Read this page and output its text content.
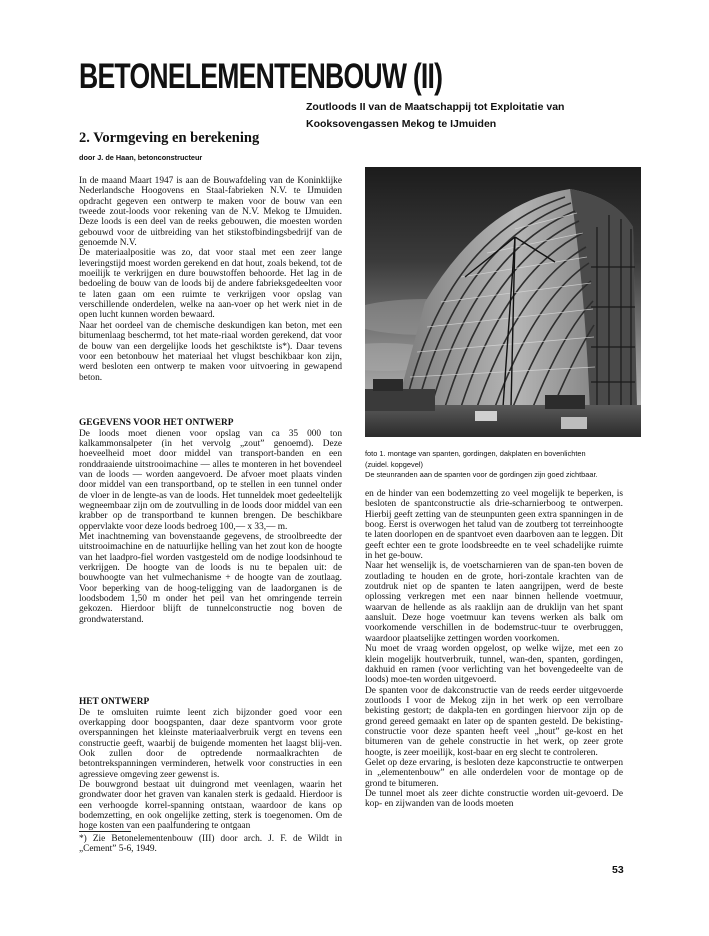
BETONELEMENTENBOUW (II)
Zoutloods II van de Maatschappij tot Exploitatie van
Kooksovengassen Mekog te IJmuiden
2. Vormgeving en berekening
door J. de Haan, betonconstructeur

In de maand Maart 1947 is aan de Bouwafdeling van de Koninklijke Nederlandsche Hoogovens en Staal-fabrieken N.V. te IJmuiden opdracht gegeven een ontwerp te maken voor de bouw van een tweede zout-loods voor rekening van de N.V. Mekog te IJmuiden. Deze loods is een deel van de reeks gebouwen, die moesten worden gebouwd voor de uitbreiding van het stikstofbindingsbedrijf van de genoemde N.V.

De materiaalpositie was zo, dat voor staal met een zeer lange leveringstijd moest worden gerekend en dat hout, zoals bekend, tot de moeilijk te verkrijgen en dure bouwstoffen behoorde. Het lag in de bedoeling de bouw van de loods bij de andere fabrieksgedeelten voor te laten gaan om een ruimte te verkrijgen voor opslag van verschillende onderdelen, welke na aan-voer op het werk niet in de open lucht kunnen worden bewaard.

Naar het oordeel van de chemische deskundigen kan beton, met een bitumenlaag beschermd, tot het mate-riaal worden gerekend, dat voor de bouw van een dergelijke loods het geschiktste is*). Daar tevens voor een betonbouw het materiaal het vlugst beschikbaar kon zijn, werd besloten een ontwerp te maken voor uitvoering in gewapend beton.

GEGEVENS VOOR HET ONTWERP

De loods moet dienen voor opslag van ca 35 000 ton kalkammonsalpeter (in het vervolg „zout” genoemd). Deze hoeveelheid moet door middel van transport-banden en een ronddraaiende uitstrooimachine — alles te monteren in het bovendeel van de loods — worden aangevoerd. De afvoer moet plaats vinden door middel van een transportband, op te stellen in een tunnel onder de vloer in de lengte-as van de loods. Het tunneldek moet gedeeltelijk wegneembaar zijn om de zoutvulling in de loods door middel van een krabber op de transportband te kunnen brengen. De beschikbare oppervlakte voor deze loods bedroeg 100,— x 33,— m.

Met inachtneming van bovenstaande gegevens, de stroolbreedte der uitstrooimachine en de natuurlijke helling van het zout kon de hoogte van het laadpro-fiel worden vastgesteld om de nodige loodsinhoud te verkrijgen. De hoogte van de loods is nu te bepalen uit: de bouwhoogte van het vulmechanisme + de hoogte van de zoutlaag. Voor beperking van de hoog-teligging van de laadorganen is de loodsbodem 1,50 m onder het peil van het omringende terrein gekozen. Hierdoor blijft de tunnelconstructie nog boven de grondwaterstand.

HET ONTWERP

De te omsluiten ruimte leent zich bijzonder goed voor een overkapping door boogspanten, daar deze spantvorm voor grote overspanningen het kleinste materiaalverbruik vergt en tevens een constructie geeft, waarbij de buigende momenten het laagst blij-ven. Ook zullen door de optredende normaalkrachten de betontrekspanningen verminderen, hetwelk voor constructies in een agressieve omgeving zeer gewenst is.

De bouwgrond bestaat uit duingrond met veenlagen, waarin het grondwater door het graven van kanalen sterk is gedaald. Hierdoor is een verhoogde korrel-spanning ontstaan, waardoor de kans op bodemzetting, en ook ongelijke zetting, sterk is toegenomen. Om de hoge kosten van een paalfundering te ontgaan

*) Zie Betonelementenbouw (III) door arch. J. F. de Wildt in „Cement” 5-6, 1949.
foto 1. montage van spanten, gordingen, dakplaten en bovenlichten
(zuidel. kopgevel)
De steunranden aan de spanten voor de gordingen zijn goed zichtbaar.

en de hinder van een bodemzetting zo veel mogelijk te beperken, is besloten de spantconstructie als drie-scharnierboog te ontwerpen. Hierbij geeft zetting van de steunpunten geen extra spanningen in de boog. Eerst is overwogen het talud van de zoutberg tot terreinhoogte te laten doorlopen en de spantvoet even daarboven aan te leggen. Dit geeft echter een te grote loodsbreedte en te veel schadelijke ruimte in het ge-bouw.

Naar het wenselijk is, de voetscharnieren van de span-ten boven de zoutlading te houden en de grote, hori-zontale krachten van de zoutdruk niet op de spanten te laten aangrijpen, werd de beste oplossing verkregen met een naar binnen hellende voetmuur, waarvan de hellende as als raaklijn aan de druklijn van het spant aansluit. Deze hoge voetmuur kan tevens werken als balk om voorkomende verschillen in de bodemstruc-tuur te overbruggen, waardoor plaatselijke zettingen worden voorkomen.

Nu moet de vraag worden opgelost, op welke wijze, met een zo klein mogelijk houtverbruik, tunnel, wan-den, spanten, gordingen, dakhuid en ramen (voor verlichting van het bovengedeelte van de loods) moe-ten worden uitgevoerd.

De spanten voor de dakconstructie van de reeds eerder uitgevoerde zoutloods I voor de Mekog zijn in het werk op een verrolbare bekisting gestort; de dakpla-ten en gordingen hiervoor zijn op de grond gereed gemaakt en later op de spanten gesteld. De bekisting-constructie voor deze spanten heeft veel „hout” ge-kost en het bitumeren van de gehele constructie in het werk, op zeer grote hoogte, is zeer moeilijk, kost-baar en erg slecht te controleren.

Gelet op deze ervaring, is besloten deze kapconstructie te ontwerpen in „elementenbouw” en alle onderdelen voor de montage op de grond te bitumeren.

De tunnel moet als zeer dichte constructie worden uit-gevoerd. De kop- en zijwanden van de loods moeten

53
